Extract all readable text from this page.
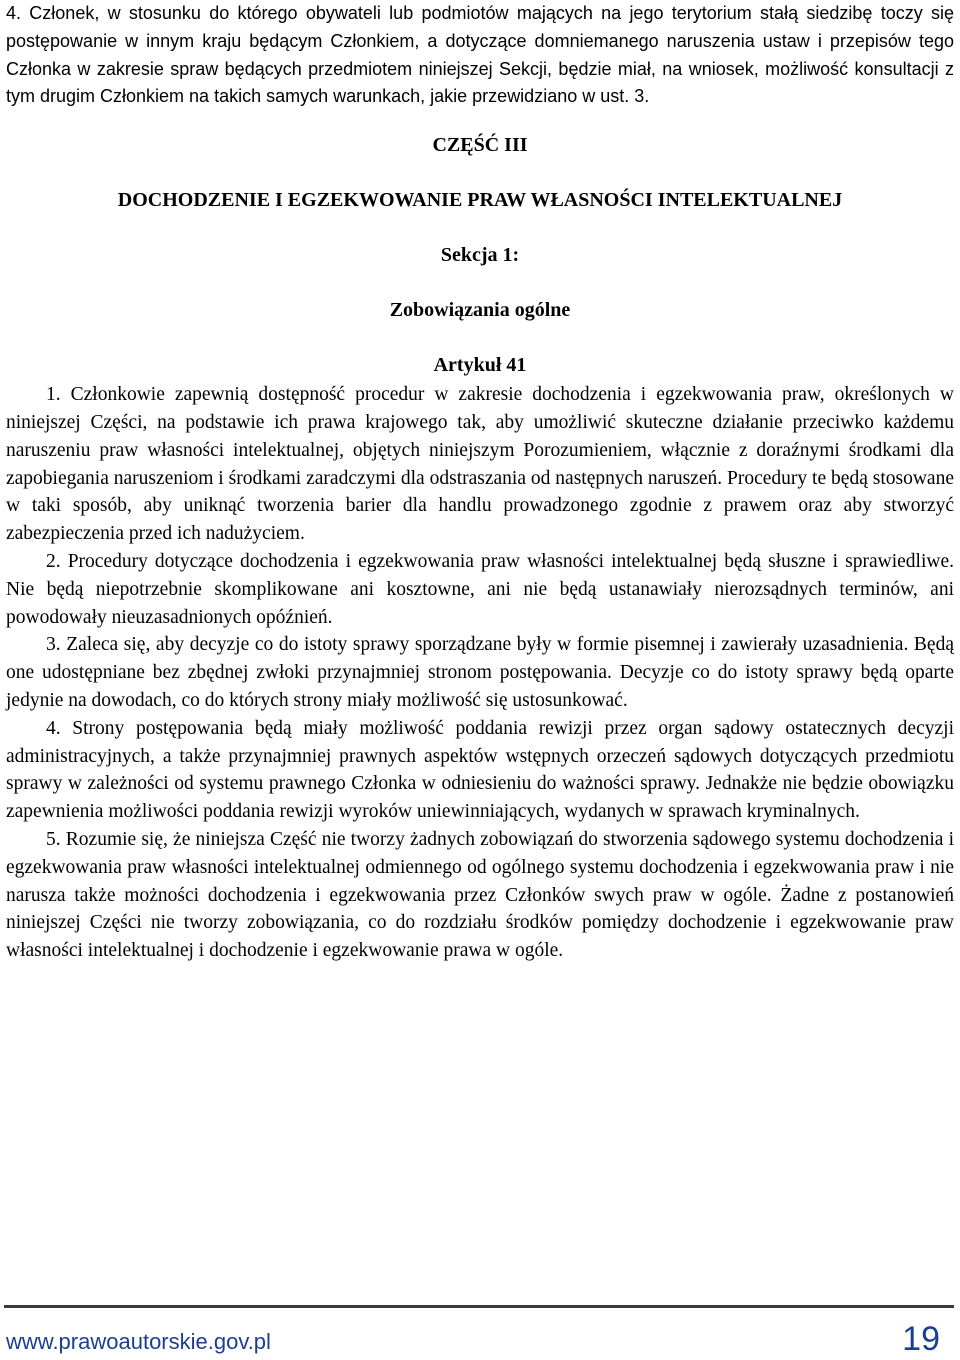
4. Członek, w stosunku do którego obywateli lub podmiotów mających na jego terytorium stałą siedzibę toczy się postępowanie w innym kraju będącym Członkiem, a dotyczące domniemanego naruszenia ustaw i przepisów tego Członka w zakresie spraw będących przedmiotem niniejszej Sekcji, będzie miał, na wniosek, możliwość konsultacji z tym drugim Członkiem na takich samych warunkach, jakie przewidziano w ust. 3.

CZĘŚĆ III

DOCHODZENIE I EGZEKWOWANIE PRAW WŁASNOŚCI INTELEKTUALNEJ

Sekcja 1:

Zobowiązania ogólne

Artykuł 41

1. Członkowie zapewnią dostępność procedur w zakresie dochodzenia i egzekwowania praw, określonych w niniejszej Części, na podstawie ich prawa krajowego tak, aby umożliwić skuteczne działanie przeciwko każdemu naruszeniu praw własności intelektualnej, objętych niniejszym Porozumieniem, włącznie z doraźnymi środkami dla zapobiegania naruszeniom i środkami zaradczymi dla odstraszania od następnych naruszeń. Procedury te będą stosowane w taki sposób, aby uniknąć tworzenia barier dla handlu prowadzonego zgodnie z prawem oraz aby stworzyć zabezpieczenia przed ich nadużyciem.

2. Procedury dotyczące dochodzenia i egzekwowania praw własności intelektualnej będą słuszne i sprawiedliwe. Nie będą niepotrzebnie skomplikowane ani kosztowne, ani nie będą ustanawiały nierozsądnych terminów, ani powodowały nieuzasadnionych opóźnień.

3. Zaleca się, aby decyzje co do istoty sprawy sporządzane były w formie pisemnej i zawierały uzasadnienia. Będą one udostępniane bez zbędnej zwłoki przynajmniej stronom postępowania. Decyzje co do istoty sprawy będą oparte jedynie na dowodach, co do których strony miały możliwość się ustosunkować.

4. Strony postępowania będą miały możliwość poddania rewizji przez organ sądowy ostatecznych decyzji administracyjnych, a także przynajmniej prawnych aspektów wstępnych orzeczeń sądowych dotyczących przedmiotu sprawy w zależności od systemu prawnego Członka w odniesieniu do ważności sprawy. Jednakże nie będzie obowiązku zapewnienia możliwości poddania rewizji wyroków uniewinniających, wydanych w sprawach kryminalnych.

5. Rozumie się, że niniejsza Część nie tworzy żadnych zobowiązań do stworzenia sądowego systemu dochodzenia i egzekwowania praw własności intelektualnej odmiennego od ogólnego systemu dochodzenia i egzekwowania praw i nie narusza także możności dochodzenia i egzekwowania przez Członków swych praw w ogóle. Żadne z postanowień niniejszej Części nie tworzy zobowiązania, co do rozdziału środków pomiędzy dochodzenie i egzekwowanie praw własności intelektualnej i dochodzenie i egzekwowanie prawa w ogóle.

www.prawoautorskie.gov.pl	19
